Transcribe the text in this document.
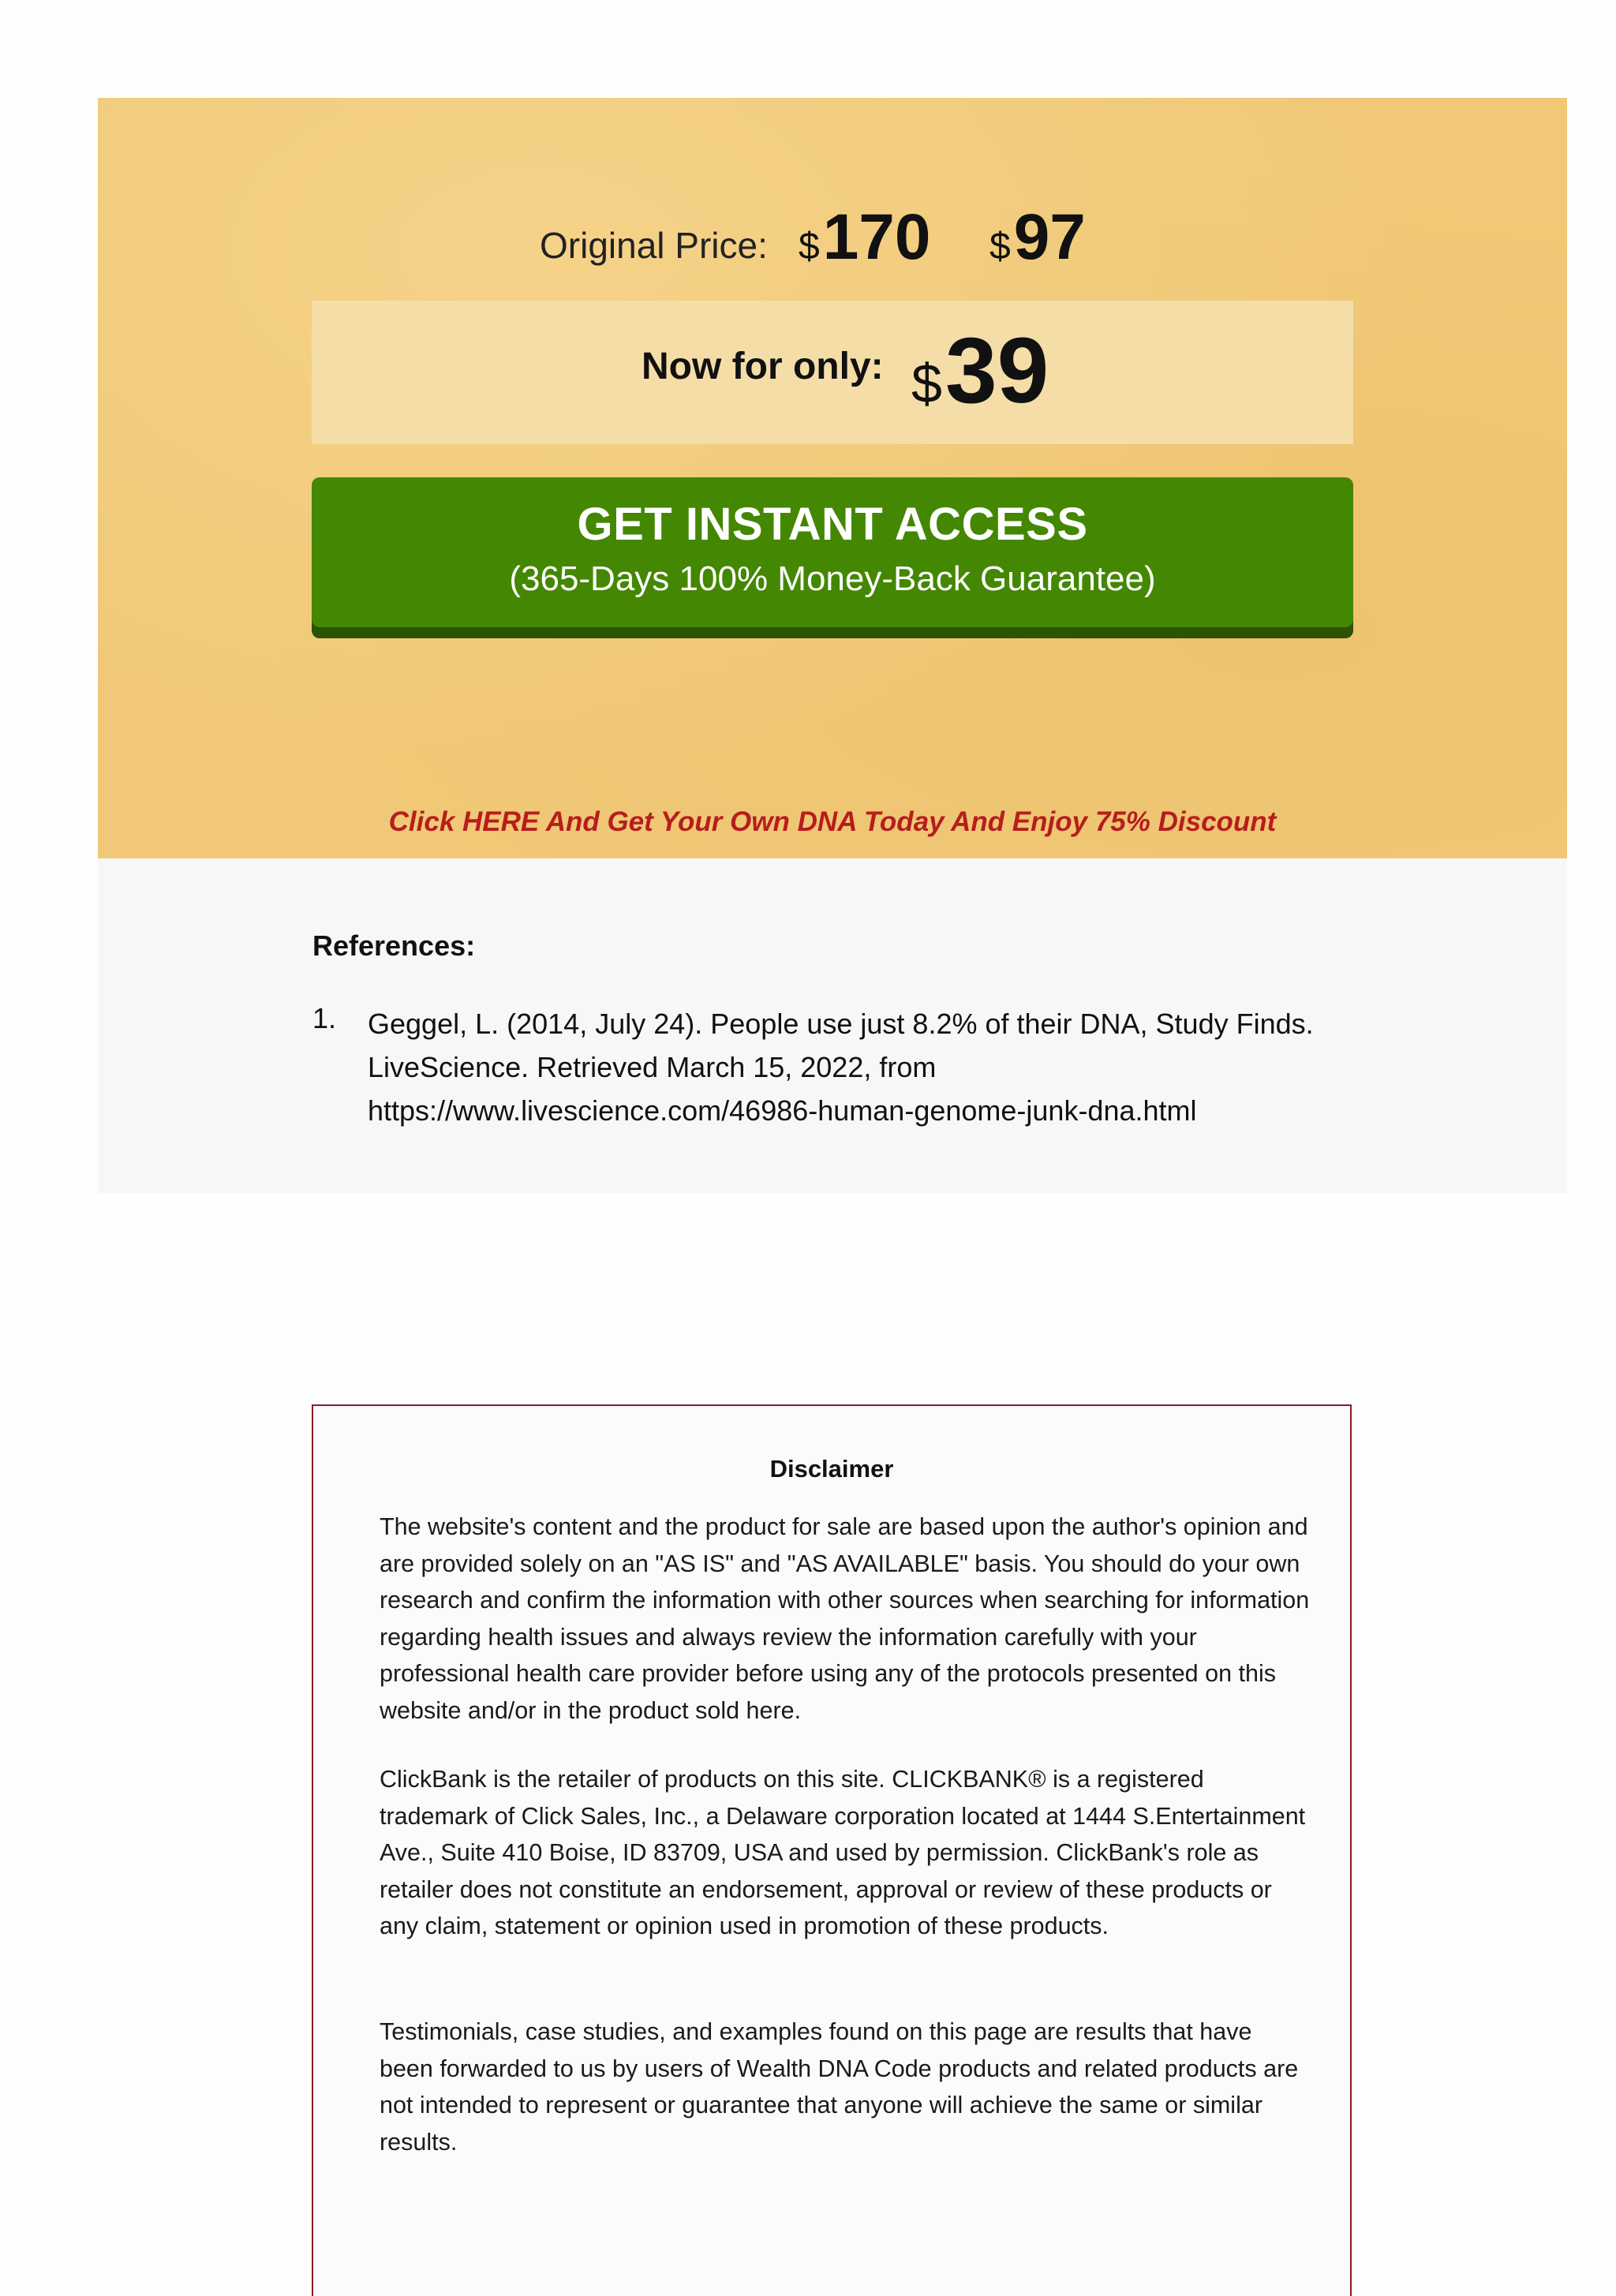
Original Price: $170 $97
Now for only: $39
GET INSTANT ACCESS
(365-Days 100% Money-Back Guarantee)
Click HERE And Get Your Own DNA Today And Enjoy 75% Discount
References:
1. Geggel, L. (2014, July 24). People use just 8.2% of their DNA, Study Finds. LiveScience. Retrieved March 15, 2022, from https://www.livescience.com/46986-human-genome-junk-dna.html
Disclaimer
The website's content and the product for sale are based upon the author's opinion and are provided solely on an "AS IS" and "AS AVAILABLE" basis. You should do your own research and confirm the information with other sources when searching for information regarding health issues and always review the information carefully with your professional health care provider before using any of the protocols presented on this website and/or in the product sold here.
ClickBank is the retailer of products on this site. CLICKBANK® is a registered trademark of Click Sales, Inc., a Delaware corporation located at 1444 S.Entertainment Ave., Suite 410 Boise, ID 83709, USA and used by permission. ClickBank's role as retailer does not constitute an endorsement, approval or review of these products or any claim, statement or opinion used in promotion of these products.
Testimonials, case studies, and examples found on this page are results that have been forwarded to us by users of Wealth DNA Code products and related products are not intended to represent or guarantee that anyone will achieve the same or similar results.
